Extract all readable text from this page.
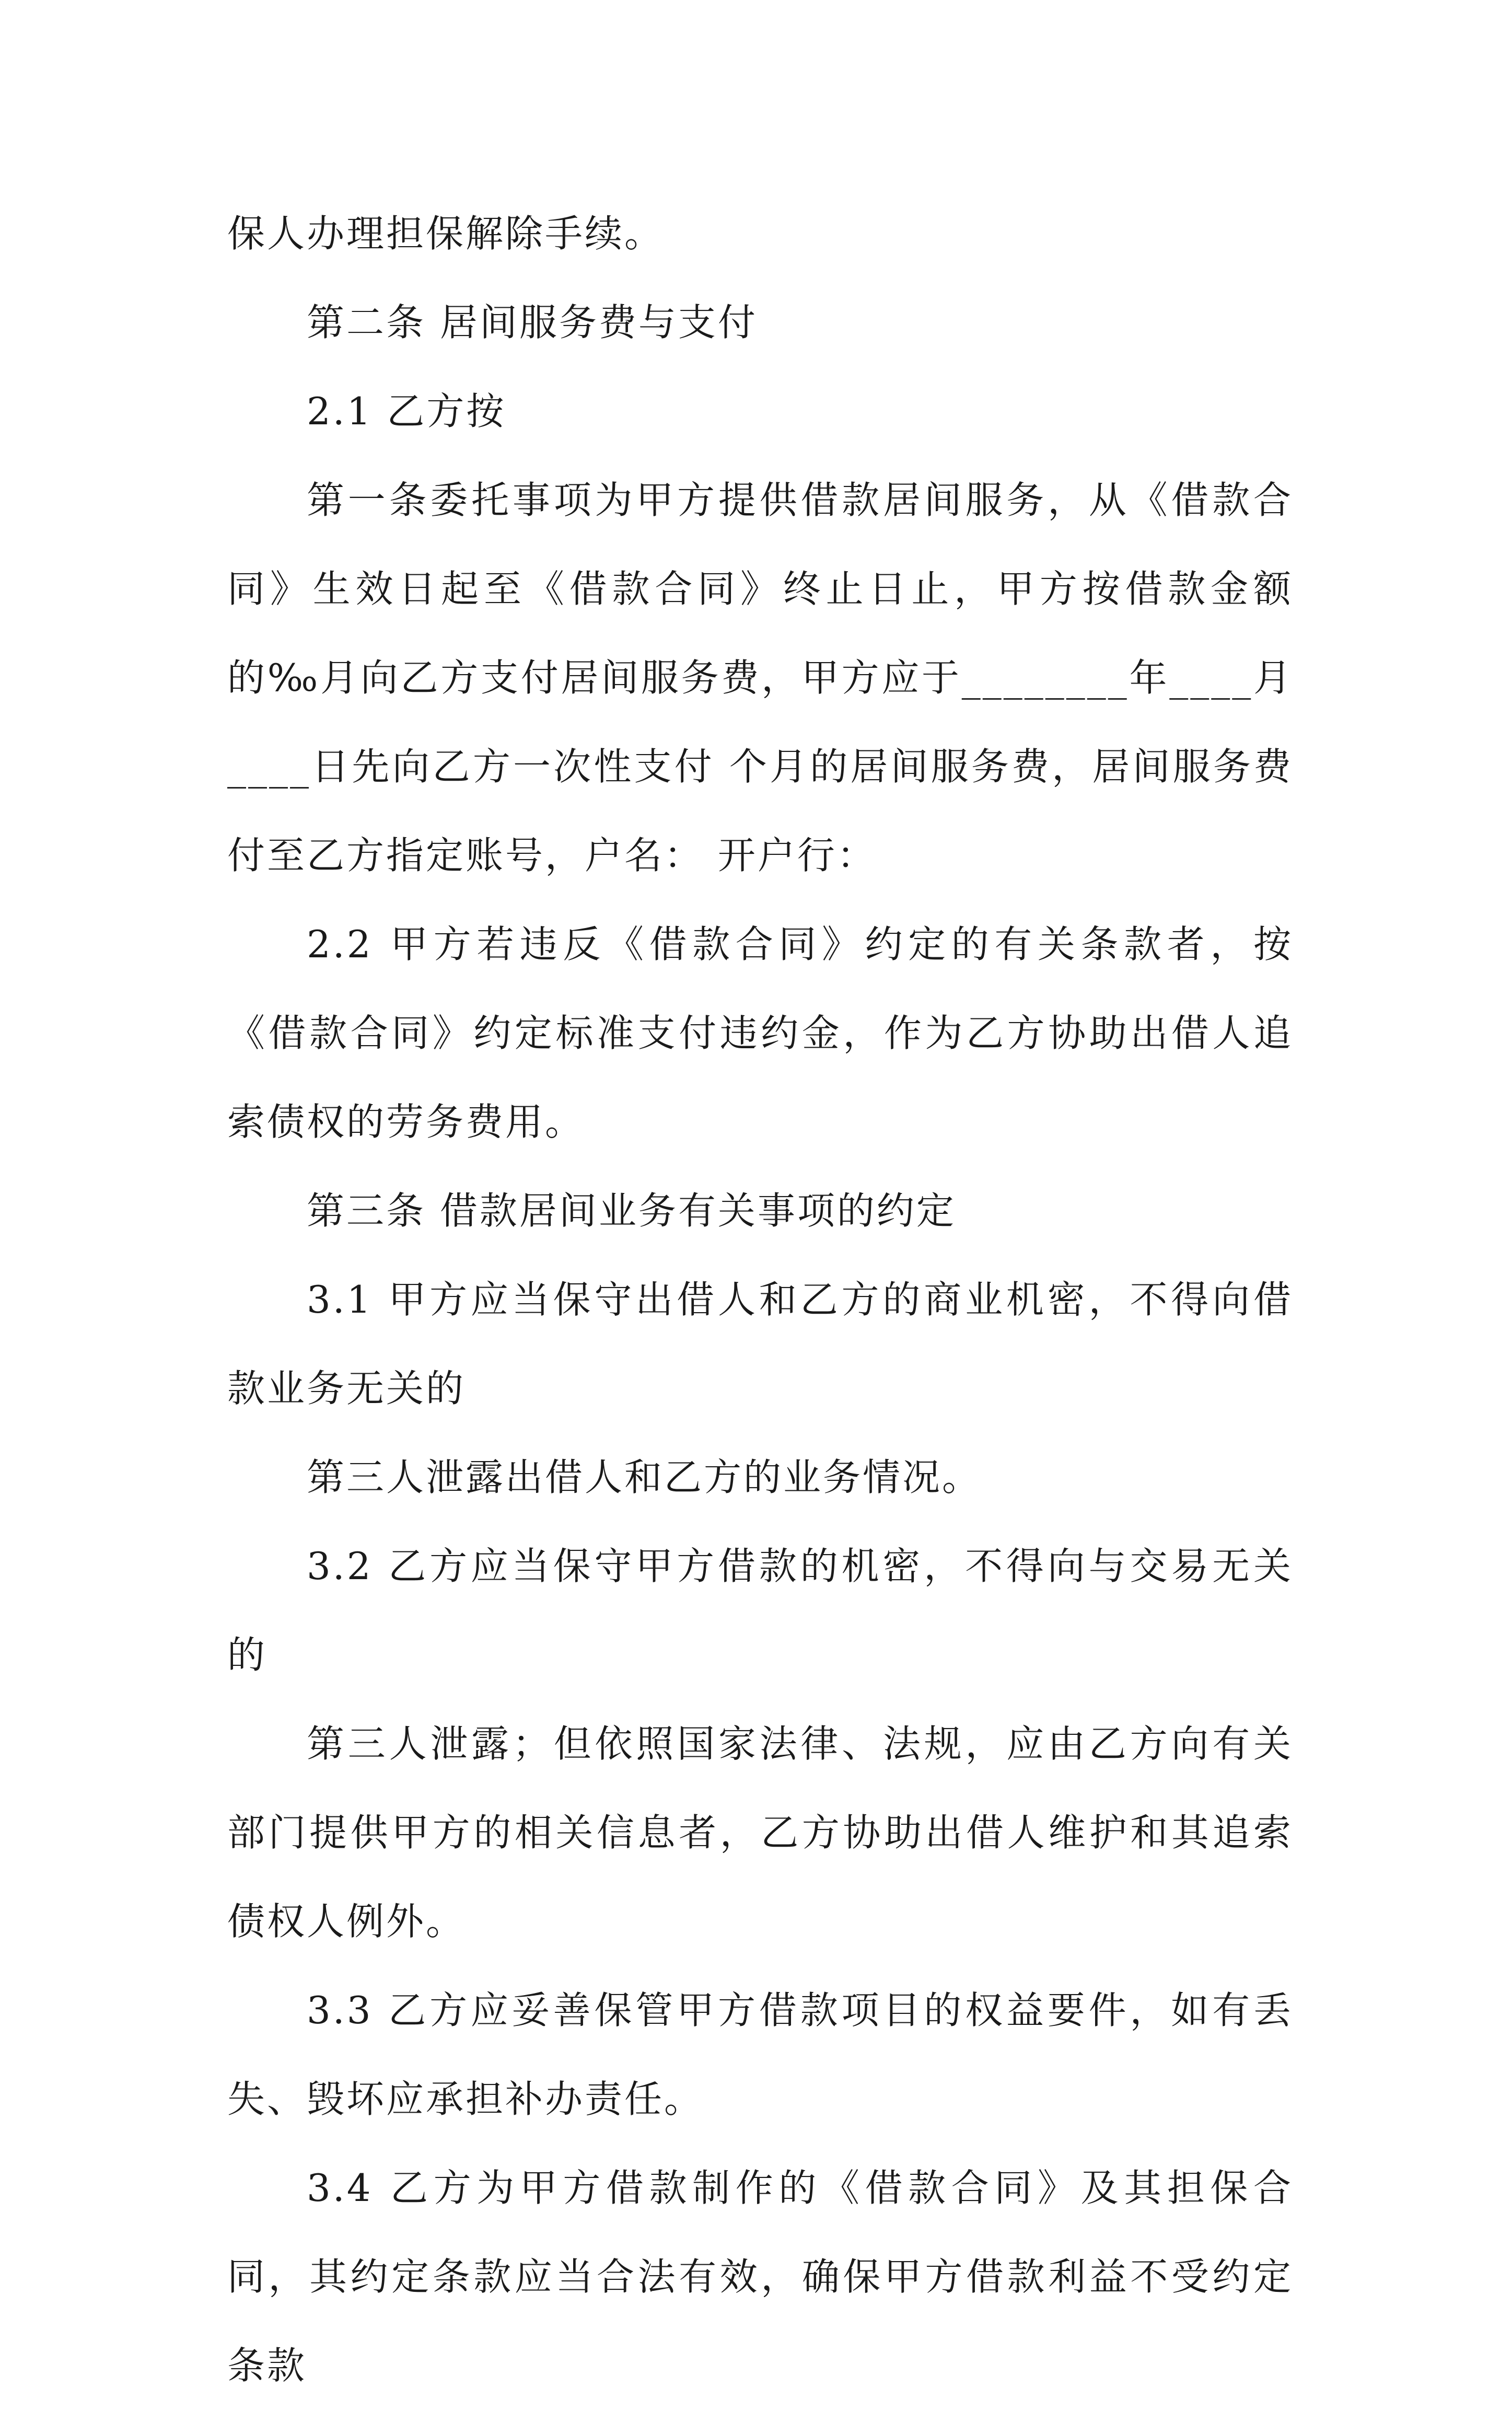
保人办理担保解除手续。

第二条 居间服务费与支付

2.1 乙方按

第一条委托事项为甲方提供借款居间服务，从《借款合同》生效日起至《借款合同》终止日止，甲方按借款金额的‰月向乙方支付居间服务费，甲方应于________年____月____日先向乙方一次性支付 个月的居间服务费，居间服务费付至乙方指定账号，户名： 开户行：

2.2 甲方若违反《借款合同》约定的有关条款者，按《借款合同》约定标准支付违约金，作为乙方协助出借人追索债权的劳务费用。

第三条 借款居间业务有关事项的约定

3.1 甲方应当保守出借人和乙方的商业机密，不得向借款业务无关的

第三人泄露出借人和乙方的业务情况。

3.2 乙方应当保守甲方借款的机密，不得向与交易无关的

第三人泄露；但依照国家法律、法规，应由乙方向有关部门提供甲方的相关信息者，乙方协助出借人维护和其追索债权人例外。

3.3 乙方应妥善保管甲方借款项目的权益要件，如有丢失、毁坏应承担补办责任。

3.4 乙方为甲方借款制作的《借款合同》及其担保合同，其约定条款应当合法有效，确保甲方借款利益不受约定条款
